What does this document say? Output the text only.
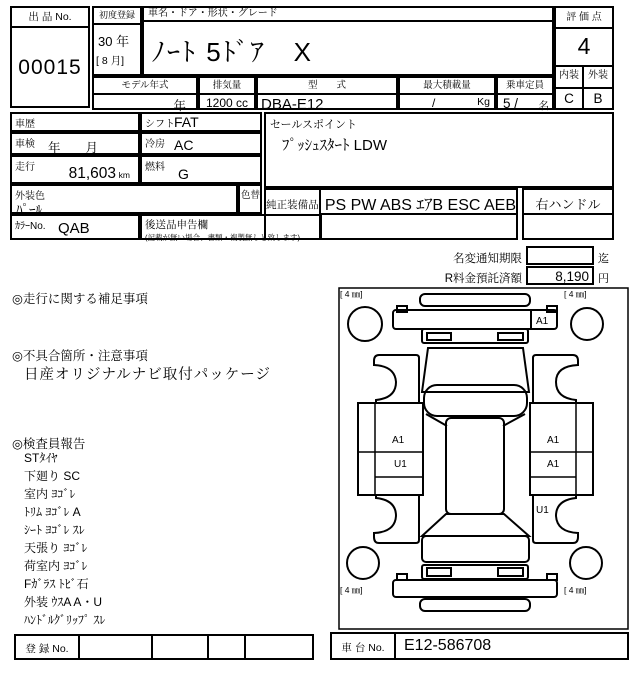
出 品 No.
00015
初度登録
30 年
[ 8 月]
車名・ドア・形状・グレード
ﾉｰﾄ 5ﾄﾞｱ　X
モデル年式
年
排気量
1200 cc
型　　式
DBA-E12
最大積載量
/	Kg
乗車定員
5 / 名
評 価 点
4
内装 外装
C	B
車歴	シフト FAT
車検 年　　月	冷房 AC
走行 81,603 km
燃料 G
外装色
ﾊﾟｰﾙ
色替
ｶﾗｰNo. QAB	後送品申告欄
(記載が無い場合、書類・複製無しと致します)
セールスポイント
ﾌﾟｯｼｭｽﾀｰﾄ LDW
純正装備品 PS PW ABS ｴｱB ESC AEB	右ハンドル
名変通知期限	迄
R料金預託済額	8,190 円
◎走行に関する補足事項
◎不具合箇所・注意事項
日産オリジナルナビ取付パッケージ
◎検査員報告
STﾀｲﾔ
下廻り SC
室内 ﾖｺﾞﾚ
ﾄﾘﾑ ﾖｺﾞﾚ A
ｼｰﾄ ﾖｺﾞﾚ ｽﾚ
天張り ﾖｺﾞﾚ
荷室内 ﾖｺﾞﾚ
Fｶﾞﾗｽ ﾄﾋﾞ石
外装 ｳｽA A・U
ﾊﾝﾄﾞﾙｸﾞﾘｯﾌﾟ ｽﾚ
[ 4 ㎜]	[ 4 ㎜]
[ 4 ㎜]	[ 4 ㎜]
A1
A1
U1
A1
A1
U1
登 録 No.	車 台 No.	E12-586708
